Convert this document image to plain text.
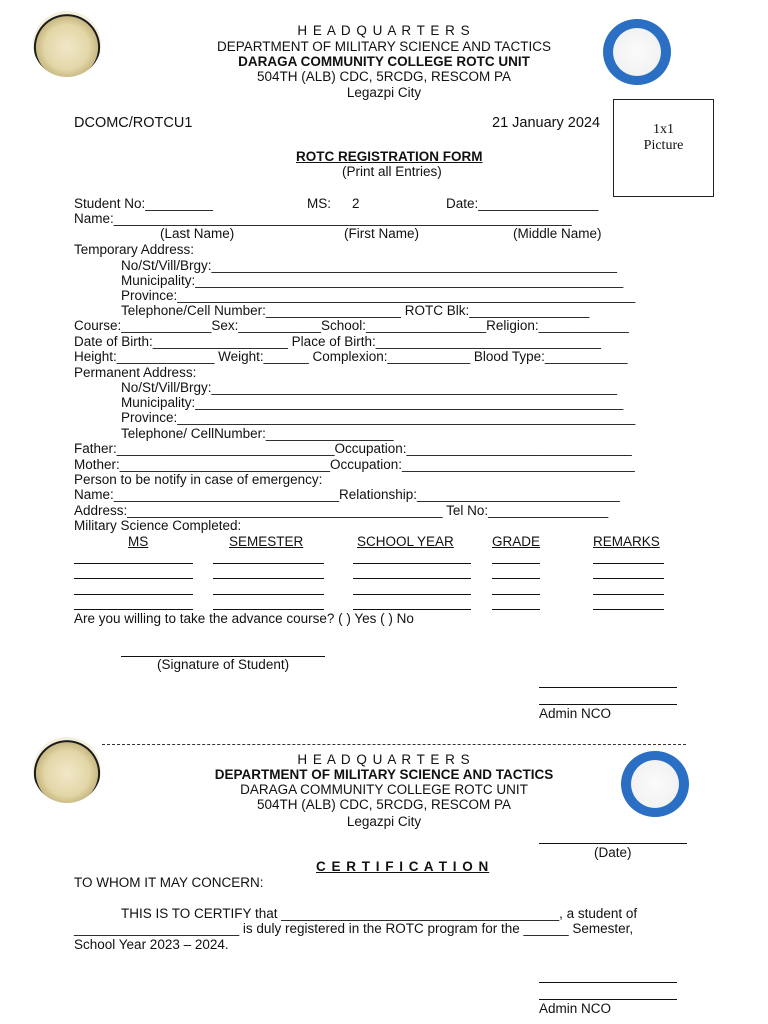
H E A D Q U A R T E R S
DEPARTMENT OF MILITARY SCIENCE AND TACTICS
DARAGA COMMUNITY COLLEGE ROTC UNIT
504TH (ALB) CDC, 5RCDG, RESCOM PA
Legazpi City
DCOMC/ROTCU1	21 January 2024	1x1
Picture
ROTC REGISTRATION FORM
(Print all Entries)
Student No:_________	MS: 2	Date:________________
Name:_____________________________________________________________
(Last Name)	(First Name)	(Middle Name)
Temporary Address:
No/St/Vill/Brgy:______________________________________________________
Municipality:_________________________________________________________
Province:_____________________________________________________________
Telephone/Cell Number:__________________ ROTC Blk:________________
Course:____________Sex:___________School:________________Religion:____________
Date of Birth:__________________ Place of Birth:______________________________
Height:_____________ Weight:______ Complexion:___________ Blood Type:___________
Permanent Address:
No/St/Vill/Brgy:______________________________________________________
Municipality:_________________________________________________________
Province:_____________________________________________________________
Telephone/ CellNumber:_________________
Father:_____________________________Occupation:______________________________
Mother:____________________________Occupation:_______________________________
Person to be notify in case of emergency:
Name:______________________________Relationship:___________________________
Address:__________________________________________ Tel No:________________
Military Science Completed:
MS	SEMESTER	SCHOOL YEAR	GRADE	REMARKS
Are you willing to take the advance course? ( ) Yes ( ) No
(Signature of Student)
Admin NCO
H E A D Q U A R T E R S
DEPARTMENT OF MILITARY SCIENCE AND TACTICS
DARAGA COMMUNITY COLLEGE ROTC UNIT
504TH (ALB) CDC, 5RCDG, RESCOM PA
Legazpi City
(Date)
C E R T I F I C A T I O N
TO WHOM IT MAY CONCERN:
THIS IS TO CERTIFY that _____________________________________, a student of
______________________ is duly registered in the ROTC program for the ______ Semester,
School Year 2023 – 2024.
Admin NCO
